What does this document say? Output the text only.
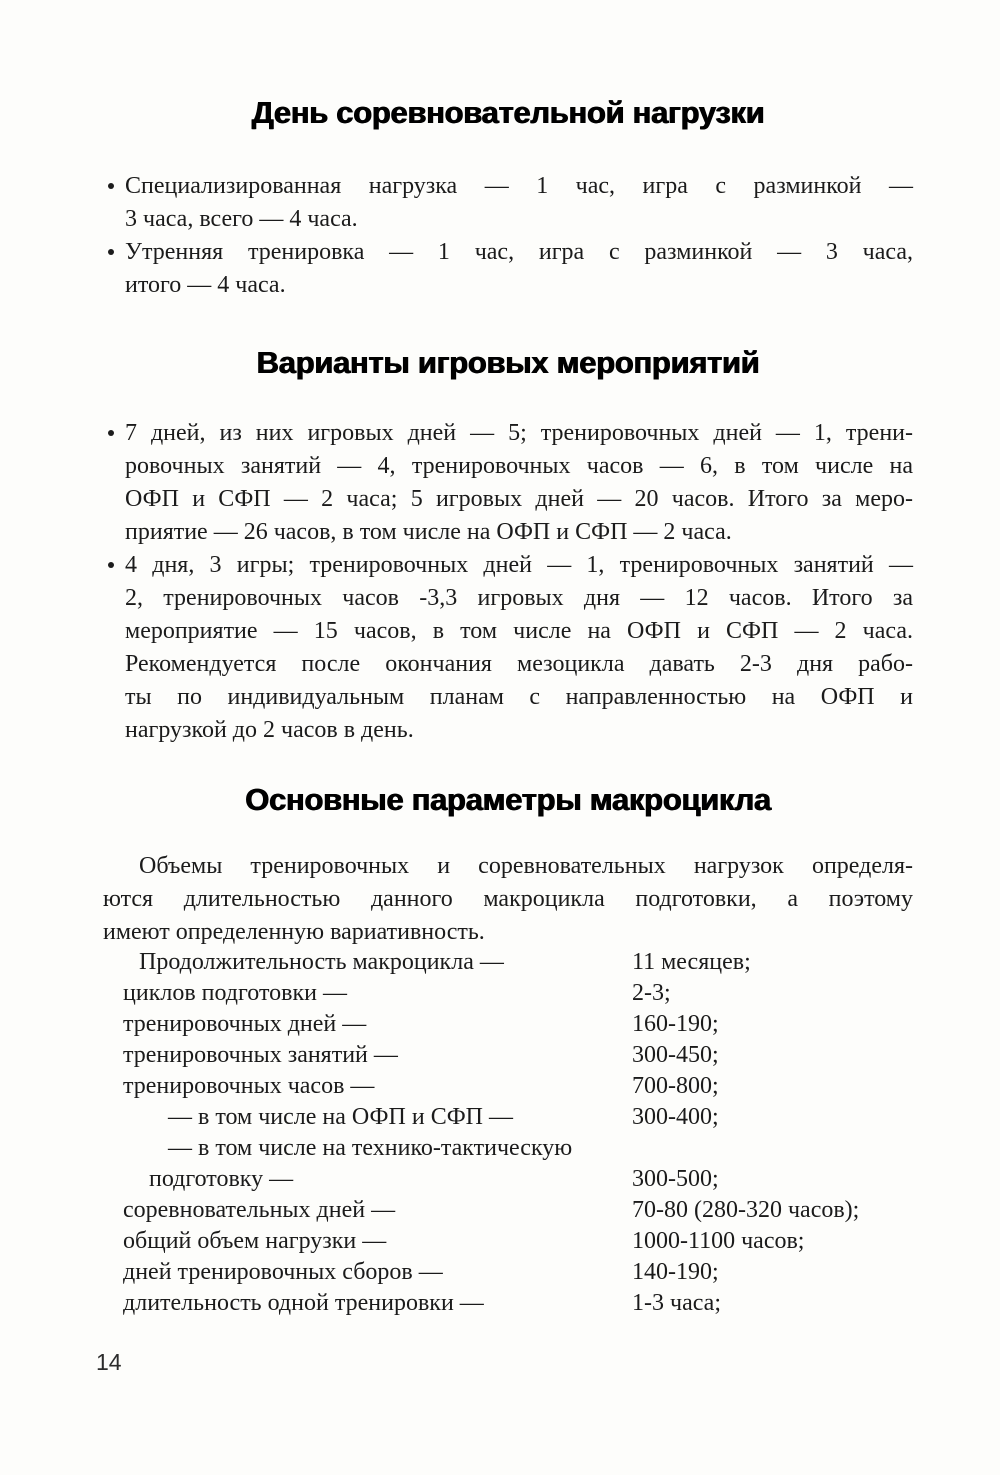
День соревновательной нагрузки
Специализированная нагрузка — 1 час, игра с разминкой —
3 часа, всего — 4 часа.
Утренняя тренировка — 1 час, игра с разминкой — 3 часа,
итого — 4 часа.
Варианты игровых мероприятий
7 дней, из них игровых дней — 5; тренировочных дней — 1, трени-
ровочных занятий — 4, тренировочных часов — 6, в том числе на
ОФП и СФП — 2 часа; 5 игровых дней — 20 часов. Итого за меро-
приятие — 26 часов, в том числе на ОФП и СФП — 2 часа.
4 дня, 3 игры; тренировочных дней — 1, тренировочных занятий —
2, тренировочных часов -3,3 игровых дня — 12 часов. Итого за
мероприятие — 15 часов, в том числе на ОФП и СФП — 2 часа.
Рекомендуется после окончания мезоцикла давать 2-3 дня рабо-
ты по индивидуальным планам с направленностью на ОФП и
нагрузкой до 2 часов в день.
Основные параметры макроцикла
Объемы тренировочных и соревновательных нагрузок определя-
ются длительностью данного макроцикла подготовки, а поэтому
имеют определенную вариативность.
Продолжительность макроцикла —	11 месяцев;
циклов подготовки —	2-3;
тренировочных дней —	160-190;
тренировочных занятий —	300-450;
тренировочных часов —	700-800;
— в том числе на ОФП и СФП —	300-400;
— в том числе на технико-тактическую
подготовку —	300-500;
соревновательных дней —	70-80 (280-320 часов);
общий объем нагрузки —	1000-1100 часов;
дней тренировочных сборов —	140-190;
длительность одной тренировки —	1-3 часа;
14
